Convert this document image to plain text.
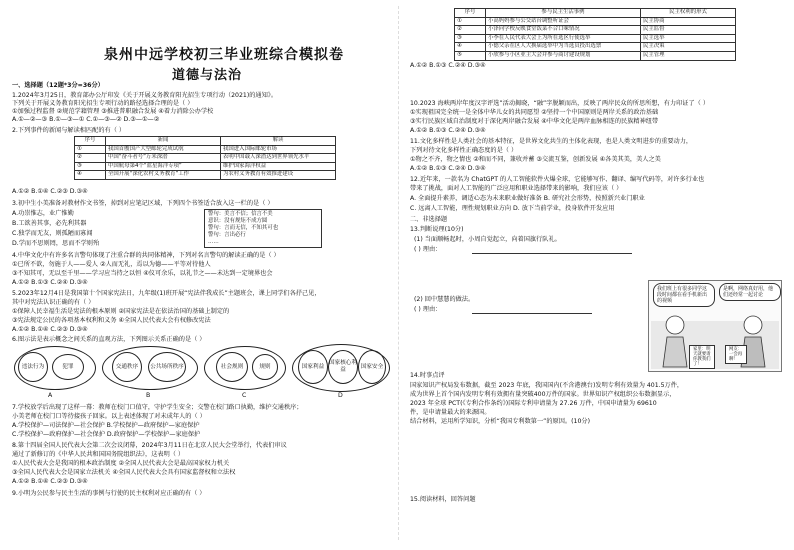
泉州中远学校初三毕业班综合模拟卷
道德与法治
一、选择题（12题*3分=36分）
1.2024年3月25日，教育部办公厅印发《关于开展义务教育阳光招生专项行动（2021)的通知》。
下列关于开展义务教育阳光招生专项行动的路径选择合理的是（ ）
①加强过程监督 ②规范学籍管理 ③推进普职融合发展 ④着力消除公办学校
A.①—②—③ B.①—③—① C.①—③—② D.③—①—②
2.下列事件的新闻与解读相匹配的有（ ）
序号	新闻	解读
①	我国首艘国产大型邮轮完成试航	我国进入国际邮轮市场
②	中国“奋斗者号”万米深潜	表明中国载人深潜达到世界领先水平
③	中国航母第4个“蓝星海洋专项”	维护国家海洋权益
④	全国开展“深化农村义务教育”工作	为农村义务教育有效推进建设
A.①② B.①④ C.②③ D.③④
3.初中生小美准备对教材作文书签，掉到对应笔记区域，下列四个书签适合放入这一栏的是（ ）
A.功崇惟志，业广惟勤
B.工欲善其事，必先利其器
C.独学而无友，则孤陋而寡闻
D.学而不思则罔，思而不学则殆
警句：美言不信；信言不美
意识：没有规矩不成方圆
警句：言而无信，不知其可也
警句：言出必行
……
4.中华文化中有许多名言警句体现了注重合群的共同体精神，下列对名言警句的解读正确的是（ ）
①已所不欲，勿施于人——爱人 ②人而无礼，焉以为德——平等对待他人
③不知其可，无以至千里——学习应当持之以恒 ④仪可余乐，以礼节之——未达到一定境界也会
A.①② B.①③ C.②④ D.③④
5.2023年12月4日是我国第十个国家宪法日，九年级(1)班开展“宪法伴我成长”主题班会，课上同学们各抒己见，
其中对宪法认识正确的有（ ）
①保障人民幸福生活是宪法的根本原则 ②国家宪法是在依法治国的基础上制定的
③宪法规定公民的各项基本权利和义务 ④全国人民代表大会有权修改宪法
A.①② B.①④ C.②③ D.③④
6.图示法是表示概念之间关系的直观方法，下列图示关系正确的是（ ）
违法行为	犯罪	交通秩序	公共场所秩序	社会规则	规则	国家利益
国家核心利益
国家安全
A	B	C	D
7.学校放学后出现了这样一幕：教师在校门口值守，守护学生安全；交警在校门路口执勤，维护交通秩序；
小美老师在校门口等待接孩子回家。以上表述体现了对未成年人的（ ）
A.学校保护—司法保护—社会保护 B.学校保护—政府保护—家庭保护
C.学校保护—政府保护—社会保护 D.政府保护—学校保护—家庭保护
8.第十四届全国人民代表大会第二次会议闭幕，2024年3月11日在北京人民大会堂举行，代表们审议
通过了新修订的《中华人民共和国国务院组织法》，这表明（ ）
①人民代表大会是我国的根本政治制度 ②全国人民代表大会是最高国家权力机关
③全国人民代表大会是国家立法机关 ④全国人民代表大会具有国家监督权和立法权
A.①② B.①④ C.②③ D.③④
9.小明为公民参与民主生活的事例与行使的民主权利对应正确的有（ ）
序号	参与民主生活事例	民主权利的形式
①	小高妈妈参与公交站台调整听证会	民主协商
②	小泽向学校反映食堂饭菜不合口味情况	民主监督
③	小李在人民代表大会上为所在选区行使选举	民主选举
④	小德父亲在区人大换届选举中为当选员投出选票	民主决策
⑤	小欣参与小区业主大会并参与商讨建设规划	民主管理
A.①② B.①③ C.②④ D.③④
10.2023 海峡两岸年度汉字评选”活动揭晓，“融”字脱颖而出，反映了两岸民众的所思所想，有力印证了（ ）
①实现祖国完全统一是全体中华儿女的共同愿望 ②坚持一个中国原则是两岸关系的政治基础
③实行民族区域自治制度对于深化两岸融合发展 ④中华文化是两岸血脉相连的民族精神纽带
A.①② B.①③ C.②④ D.③④
11.文化多样性是人类社会的基本特征，是世界文化共生的主体化表现，也是人类文明进步的重要动力，
下列对待文化多样性正确态度的是（ ）
①物之不齐，物之情也 ②和而不同，兼收并蓄 ③交流互鉴，创新发展 ④各美其美，美人之美
A.①② B.①③ C.②④ D.③④
12.近年来，一款名为 ChatGPT 的人工智能软件火爆全球，它能够写作、翻译、编写代码等，对许多行业也
带来了挑战，面对人工智能的广泛应用和职业选择带来的影响，我们应该（ ）
A. 全面提升素养，调适心态为未来职业做好准备 B. 研究社会形势，按照新兴业门职业
C. 远离人工智能，理性规划职业方向 D. 放下当前学业，投身软件开发应用
二、非选择题
13.判断说理(10分)
(1) 当面顺畅起时，小周自觉起立，向着国旗行队礼。
( ) 理由：
(2) 回中慧慧的做法。
( ) 理由：
我们班上有很多同学这段时间都在看手机新出的视频
是啊，网络真好用，他们还经常一起讨论
家里：明天就要请你教我们了！
网友：一会再聊！
14.时事点评
国家知识产权局发布数据，截至 2023 年底，我国国内(不含港澳台)发明专利有效量为 401.5万件，
成为世界上首个国内发明专利有效拥有量突破400万件的国家。世界知识产权组织公布数据显示，
2023 年全球 PCT(《专利合作条约》)国际专利申请量为 27.26 万件，中国申请量为 69610
件，是申请量最大的来源国。
结合材料，运用所学知识，分析“我国专利数第一”的原因。(10分)
15.阅读材料，回答问题
